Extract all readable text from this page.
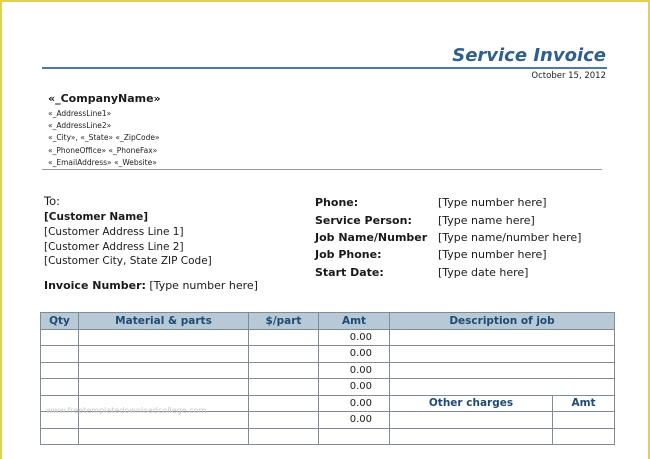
Service Invoice
October 15, 2012
«_CompanyName»
«_AddressLine1»
«_AddressLine2»
«_City», «_State» «_ZipCode»
«_PhoneOffice» «_PhoneFax»
«_EmailAddress» «_Website»
To:
[Customer Name]
[Customer Address Line 1]
[Customer Address Line 2]
[Customer City, State ZIP Code]
Invoice Number: [Type number here]
Phone:	[Type number here]
Service Person:	[Type name here]
Job Name/Number [Type name/number here]
Job Phone:	[Type number here]
Start Date:	[Type date here]
Qty	Material & parts	$/part	Amt	Description of job	
			0.00		
			0.00		
			0.00		
			0.00		
			0.00	Other charges	Amt
			0.00		

www.freetemplatedownloadcollege.com
